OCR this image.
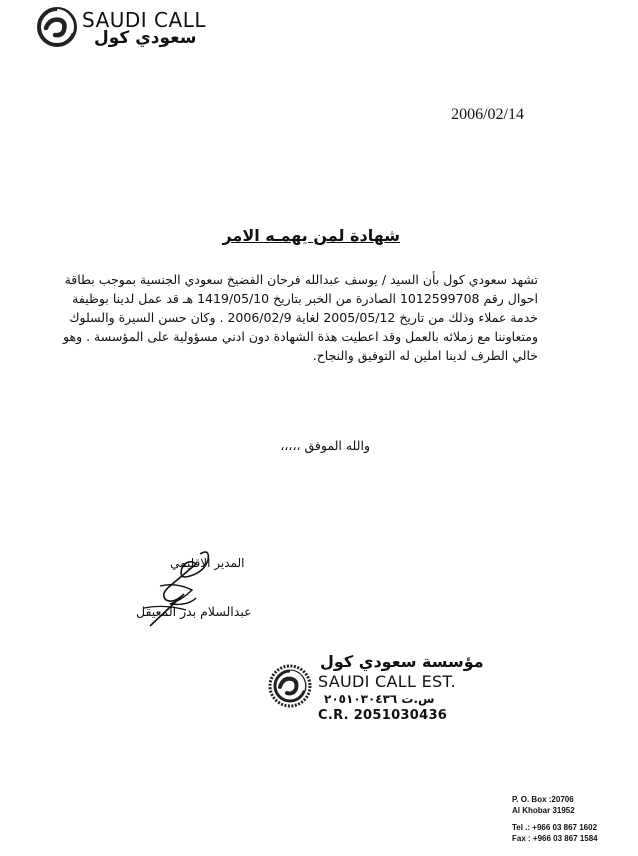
SAUDI CALL
سعودي كول
2006/02/14
شهادة لمن يهمـه الامر

تشهد سعودي كول بأن السيد / يوسف عبدالله فرحان الفضيخ سعودي الجنسية بموجب بطاقة

احوال رقم 1012599708 الصادرة من الخبر بتاريخ 1419/05/10 هـ قد عمل لدينا بوظيفة

خدمة عملاء وذلك من تاريخ 2005/05/12 لغاية 2006/02/9 . وكان حسن السيرة والسلوك

ومتعاوننا مع زملائه بالعمل وقد اعطيت هذة الشهادة دون ادني مسؤولية على المؤسسة . وهو

خالي الطرف لدينا املين له التوفيق والنجاح.

والله الموفق ،،،،،
المدير الاقليمي
عبدالسلام بدر المعيقل
مؤسسة سعودي كول
SAUDI CALL EST.
س.ت ٢٠٥١٠٣٠٤٣٦
C.R. 2051030436
P. O. Box :20706
Al Khobar 31952
Tel .: +966 03 867 1602
Fax : +966 03 867 1584
